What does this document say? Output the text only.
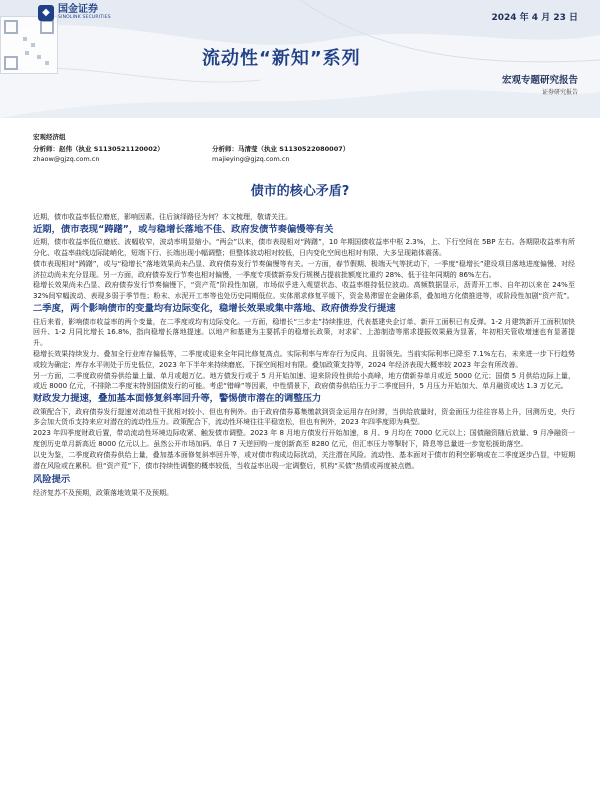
◆ 国金证券
SINOLINK SECURITIES	2024 年 4 月 23 日
流动性“新知”系列
宏观专题研究报告
证券研究报告
宏观经济组
分析师：赵伟（执业 S1130521120002）
zhaow@gjzq.com.cn
分析师：马清莹（执业 S1130522080007）
majieying@gjzq.com.cn
债市的核心矛盾?

近期，债市收益率低位磨底，影响因素、往后演绎路径为何？本文梳理，敬请关注。

近期，债市表现“踌躇”，或与稳增长落地不佳、政府发债节奏偏慢等有关

近期，债市收益率低位磨底、波幅收窄，波动率明显缩小。“两会”以来，债市表现相对“踌躇”，10 年期国债收益率中枢 2.3%，上、下行空间在 5BP 左右。各期限收益率有所分化、收益率曲线边际陡峭化，短端下行、长端出现小幅调整；但整体波动相对较低，日内变化空间也相对有限、大多呈现箱体震荡。

债市表现相对“踌躇”，或与“稳增长”落地效果尚未凸显、政府债券发行节奏偏慢等有关。一方面，春节假期、极端天气等扰动下，一季度“稳增长”建设项目落地进度偏慢、对经济拉动尚未充分显现。另一方面，政府债券发行节奏也相对偏慢，一季度专项债新券发行规模占提前批额度比重约 28%、低于往年同期的 86%左右。

稳增长效果尚未凸显、政府债券发行节奏偏慢下，“资产荒”阶段性加剧，市场似乎进入观望状态、收益率维持低位波动。高频数据显示，沥青开工率、自年初以来在 24%至 32%间窄幅波动、表现多弱于季节性；粉末、水泥开工率等也处历史同期低位。实体需求修复平缓下，资金易滞留在金融体系，叠加地方化债推进等，或阶段性加剧“资产荒”。

二季度，两个影响债市的变量均有边际变化，稳增长效果或集中落地、政府债券发行提速

往后来看，影响债市收益率的两个变量，在二季度或均有边际变化。一方面，稳增长“三步走”持续推进，代表基建央企订单、新开工面积已有反弹。1-2 月建筑新开工面积加快回升、1-2 月同比增长 16.8%，指向稳增长落地提速。以地产和基建为主要抓手的稳增长政策，对求矿、上游制造等需求提振效果最为显著，年初相关管收增速也有显著提升。

稳增长效果持续发力、叠加全行业库存偏低等，二季度或迎来全年同比修复高点。实际利率与库存行为反向、且弱领先。当前实际利率已降至 7.1%左右，未来进一步下行趋势或较为确定；库存水平则处于历史低位，2023 年下半年来持续磨底、下探空间相对有限。叠加政策支持等，2024 年经济表现大概率较 2023 年会有所改善。

另一方面，二季度政府债券供给量上量、单月或超万亿。地方债发行或于 5 月开始加速、迎来阶段性供给小高峰，地方债新券单月或近 5000 亿元；国债 5 月供给边际上量，或近 8000 亿元，不排除二季度末特别国债发行的可能。考虑“错峰”等因素，中性情景下，政府债券供给压力于二季度回升，5 月压力开始加大、单月融资或达 1.3 万亿元。

财政发力提速，叠加基本面修复斜率回升等，警惕债市潜在的调整压力

政策配合下，政府债券发行提速对流动性干扰相对较小、但也有例外。由于政府债券募集缴款到资金运用存在时滞，当供给放量时，资金面压力往往容易上升，回测历史，央行多会加大货币支持来应对潜在的流动性压力。政策配合下，流动性环境往往平稳宽松，但也有例外，2023 年四季度即为典型。

2023 年四季度财政后置，带动流动性环境边际收紧、触发债市调整。2023 年 8 月地方债发行开始加速，8 月、9 月均在 7000 亿元以上；国债融资随后放量、9 月净融资一度创历史单月新高近 8000 亿元以上。虽然公开市场加码、单日 7 天逆回购一度创新高至 8280 亿元，但汇率压力等掣肘下，降息等总量进一步宽松援助落空。

以史为鉴，二季度政府债券供给上量，叠加基本面修复斜率回升等，或对债市构成边际扰动，关注潜在风险。流动性、基本面对于债市的利空影响或在二季度逐步凸显，中短期潜在风险或在累积。但“资产荒”下，债市持续性调整的概率较低，当收益率出现一定调整后，机构“买债”热情或再度被点燃。

风险提示

经济复苏不及预期，政策落地效果不及预期。
